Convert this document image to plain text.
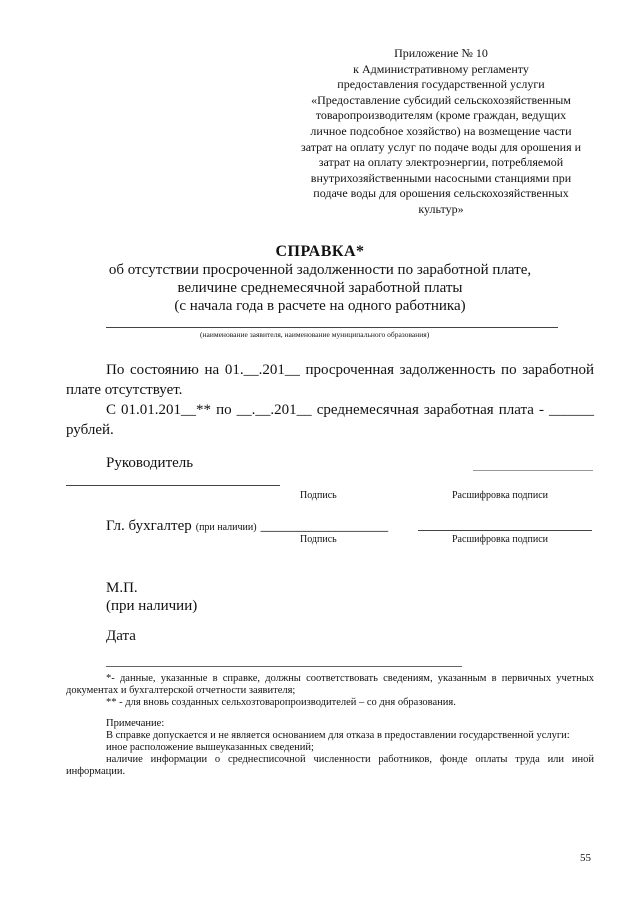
Приложение № 10
к Административному регламенту
предоставления государственной услуги
«Предоставление субсидий сельскохозяйственным
товаропроизводителям (кроме граждан, ведущих
личное подсобное хозяйство) на возмещение части
затрат на оплату услуг по подаче воды для орошения и
затрат на оплату электроэнергии, потребляемой
внутрихозяйственными насосными станциями при
подаче воды для орошения сельскохозяйственных
культур»
СПРАВКА*
об отсутствии просроченной задолженности по заработной плате,
величине среднемесячной заработной платы
(с начала года в расчете на одного работника)
(наименование заявителя, наименование муниципального образования)
По состоянию на 01.__.201__ просроченная задолженность по заработной
плате отсутствует.
С 01.01.201__** по __.__.201__ среднемесячная заработная плата - ______
рублей.
Руководитель
Подпись	Расшифровка подписи
Гл. бухгалтер (при наличии) _________________
Подпись	Расшифровка подписи
М.П.
(при наличии)
Дата
*- данные, указанные в справке, должны соответствовать сведениям, указанным в первичных учетных
документах и бухгалтерской отчетности заявителя;
** - для вновь созданных сельхозтоваропроизводителей – со дня образования.
Примечание:
В справке допускается и не является основанием для отказа в предоставлении государственной услуги:
иное расположение вышеуказанных сведений;
наличие информации о среднесписочной численности работников, фонде оплаты труда или иной
информации.
55
